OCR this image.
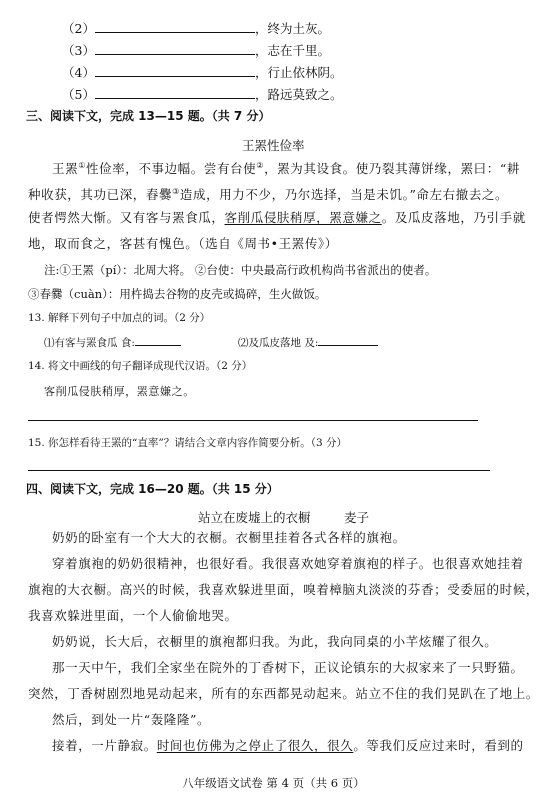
（2）	，终为土灰。
（3）	，志在千里。
（4）	，行止依林阴。
（5）	，路远莫致之。
三、阅读下文，完成 13—15 题。（共 7 分）
王罴性俭率
王罴①性俭率，不事边幅。尝有台使②，罴为其设食。使乃裂其薄饼缘，罴曰：“耕
种收获，其功已深，舂爨③造成，用力不少，乃尔选择，当是未饥。”命左右撤去之。
使者愕然大惭。又有客与罴食瓜，客削瓜侵肤稍厚，罴意嫌之。及瓜皮落地，乃引手就
地，取而食之，客甚有愧色。（选自《周书•王罴传》）
注:①王罴（pí）：北周大将。 ②台使：中央最高行政机构尚书省派出的使者。
③春爨（cuàn）：用杵捣去谷物的皮壳或捣碎，生火做饭。
13. 解释下列句子中加点的词。（2 分）
⑴有客与罴食瓜 食:	⑵及瓜皮落地 及:
14. 将文中画线的句子翻译成现代汉语。（2 分）
客削瓜侵肤稍厚，罴意嫌之。
15. 你怎样看待王罴的“直率”？请结合文章内容作简要分析。（3 分）
四、阅读下文，完成 16—20 题。（共 15 分）
站立在废墟上的衣橱	麦子
奶奶的卧室有一个大大的衣橱。衣橱里挂着各式各样的旗袍。
穿着旗袍的奶奶很精神，也很好看。我很喜欢她穿着旗袍的样子。也很喜欢她挂着
旗袍的大衣橱。高兴的时候，我喜欢躲进里面，嗅着樟脑丸淡淡的芬香；受委屈的时候，
我喜欢躲进里面，一个人偷偷地哭。
奶奶说，长大后，衣橱里的旗袍都归我。为此，我向同桌的小芊炫耀了很久。
那一天中午，我们全家坐在院外的丁香树下，正议论镇东的大叔家来了一只野猫。
突然，丁香树剧烈地晃动起来，所有的东西都晃动起来。站立不住的我们晃趴在了地上。
然后，到处一片“轰隆隆”。
接着，一片静寂。时间也仿佛为之停止了很久，很久。等我们反应过来时，看到的
八年级语文试卷 第 4 页（共 6 页）
